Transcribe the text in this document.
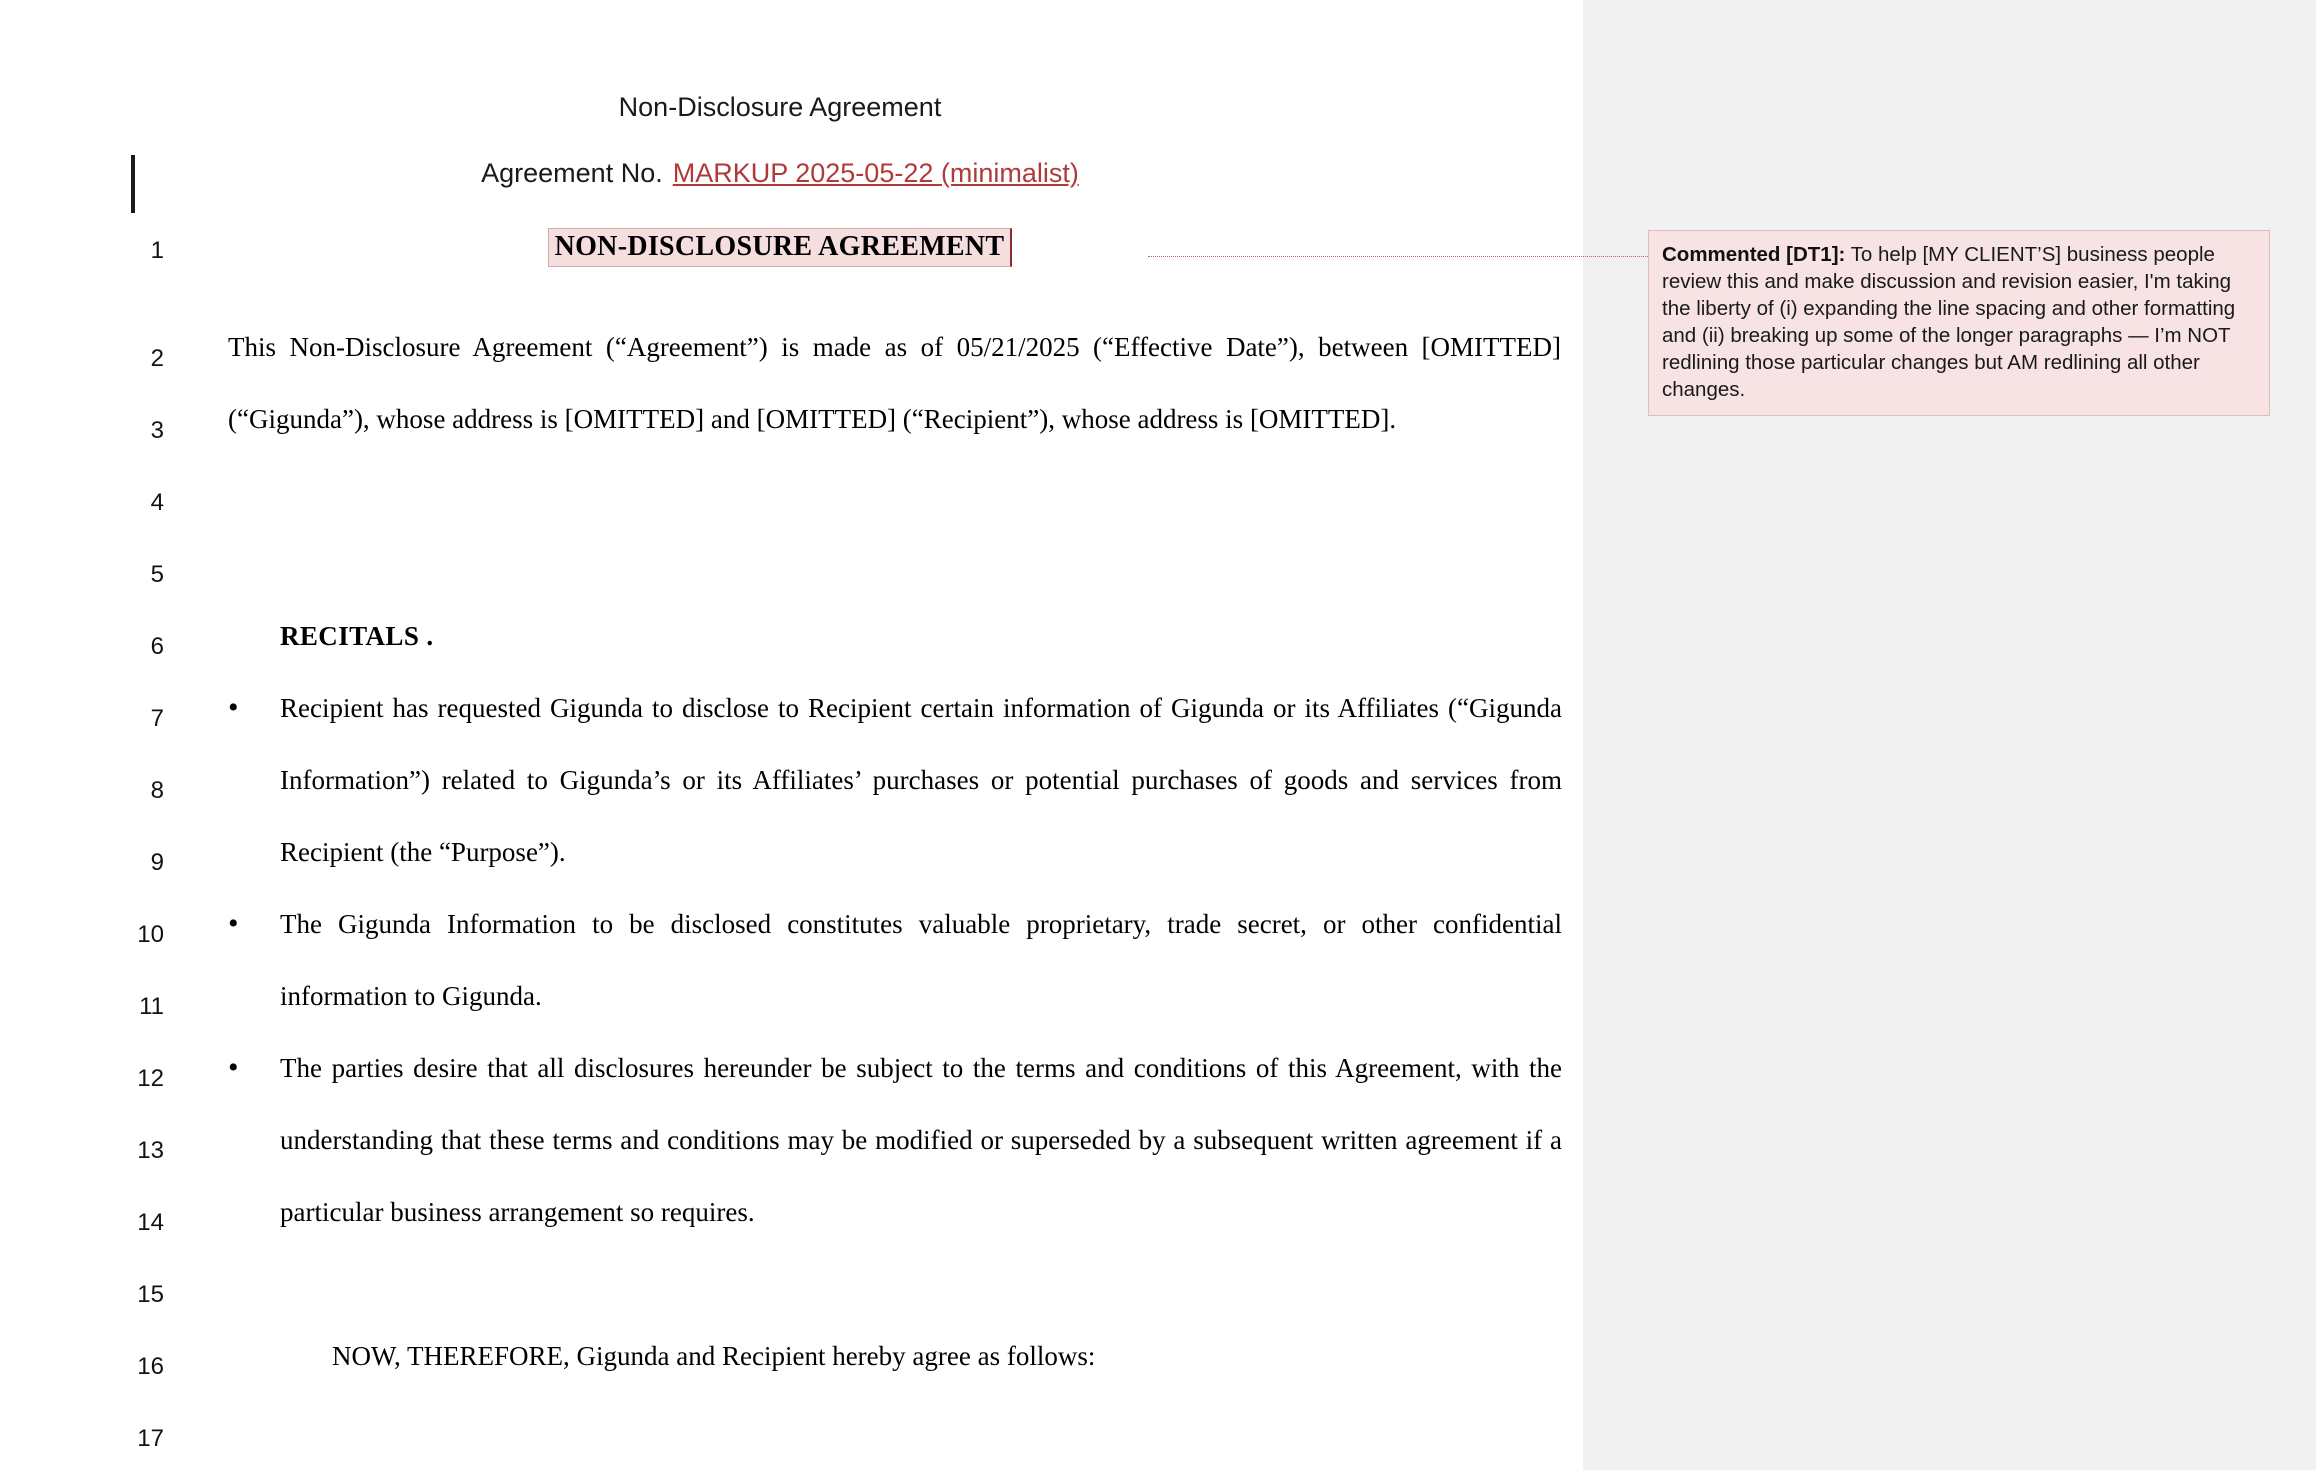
Non-Disclosure Agreement
Agreement No. MARKUP 2025-05-22 (minimalist)
1
2
3
4
5
6
7
8
9
10
11
12
13
14
15
16
17
NON-DISCLOSURE AGREEMENT
This Non-Disclosure Agreement (“Agreement”) is made as of 05/21/2025 (“Effective Date”), between [OMITTED] (“Gigunda”), whose address is [OMITTED] and [OMITTED] (“Recipient”), whose address is [OMITTED].
RECITALS .
• Recipient has requested Gigunda to disclose to Recipient certain information of Gigunda or its Affiliates (“Gigunda Information”) related to Gigunda’s or its Affiliates’ purchases or potential purchases of goods and services from Recipient (the “Purpose”).
• The Gigunda Information to be disclosed constitutes valuable proprietary, trade secret, or other confidential information to Gigunda.
• The parties desire that all disclosures hereunder be subject to the terms and conditions of this Agreement, with the understanding that these terms and conditions may be modified or superseded by a subsequent written agreement if a particular business arrangement so requires.
NOW, THEREFORE, Gigunda and Recipient hereby agree as follows:
Commented [DT1]: To help [MY CLIENT’S] business people review this and make discussion and revision easier, I'm taking the liberty of (i) expanding the line spacing and other formatting and (ii) breaking up some of the longer paragraphs — I’m NOT redlining those particular changes but AM redlining all other changes.
